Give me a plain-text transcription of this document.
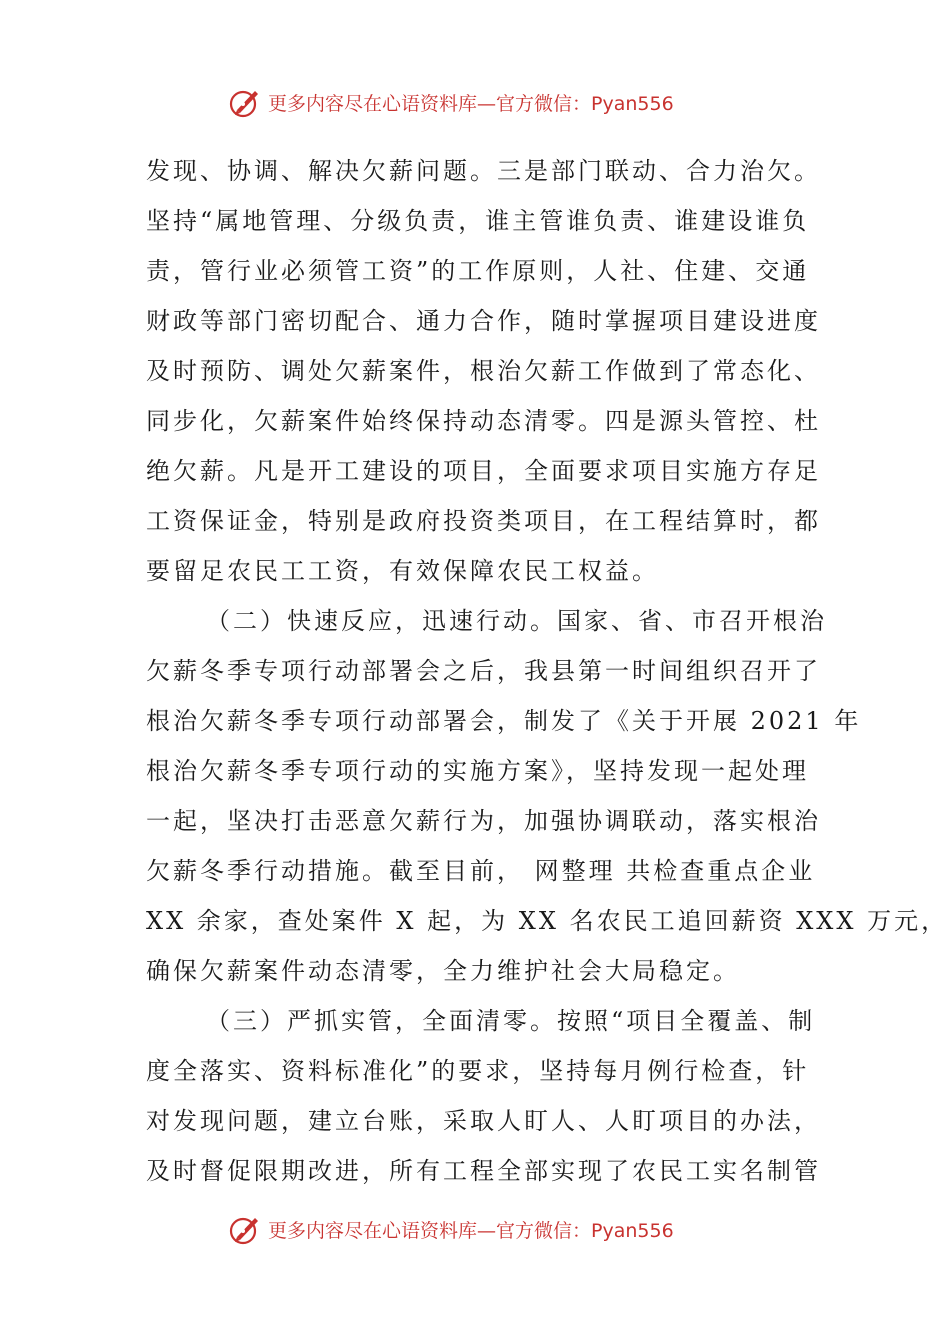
更多内容尽在心语资料库—官方微信：Pyan556
发现、协调、解决欠薪问题。三是部门联动、合力治欠。
坚持“属地管理、分级负责，谁主管谁负责、谁建设谁负
责，管行业必须管工资”的工作原则，人社、住建、交通
财政等部门密切配合、通力合作，随时掌握项目建设进度
及时预防、调处欠薪案件，根治欠薪工作做到了常态化、
同步化，欠薪案件始终保持动态清零。四是源头管控、杜
绝欠薪。凡是开工建设的项目，全面要求项目实施方存足
工资保证金，特别是政府投资类项目，在工程结算时，都
要留足农民工工资，有效保障农民工权益。
（二）快速反应，迅速行动。国家、省、市召开根治
欠薪冬季专项行动部署会之后，我县第一时间组织召开了
根治欠薪冬季专项行动部署会，制发了《关于开展 2021 年
根治欠薪冬季专项行动的实施方案》，坚持发现一起处理
一起，坚决打击恶意欠薪行为，加强协调联动，落实根治
欠薪冬季行动措施。截至目前， 网整理 共检查重点企业
XX 余家，查处案件 X 起，为 XX 名农民工追回薪资 XXX 万元，
确保欠薪案件动态清零，全力维护社会大局稳定。
（三）严抓实管，全面清零。按照“项目全覆盖、制
度全落实、资料标准化”的要求，坚持每月例行检查，针
对发现问题，建立台账，采取人盯人、人盯项目的办法，
及时督促限期改进，所有工程全部实现了农民工实名制管
更多内容尽在心语资料库—官方微信：Pyan556
